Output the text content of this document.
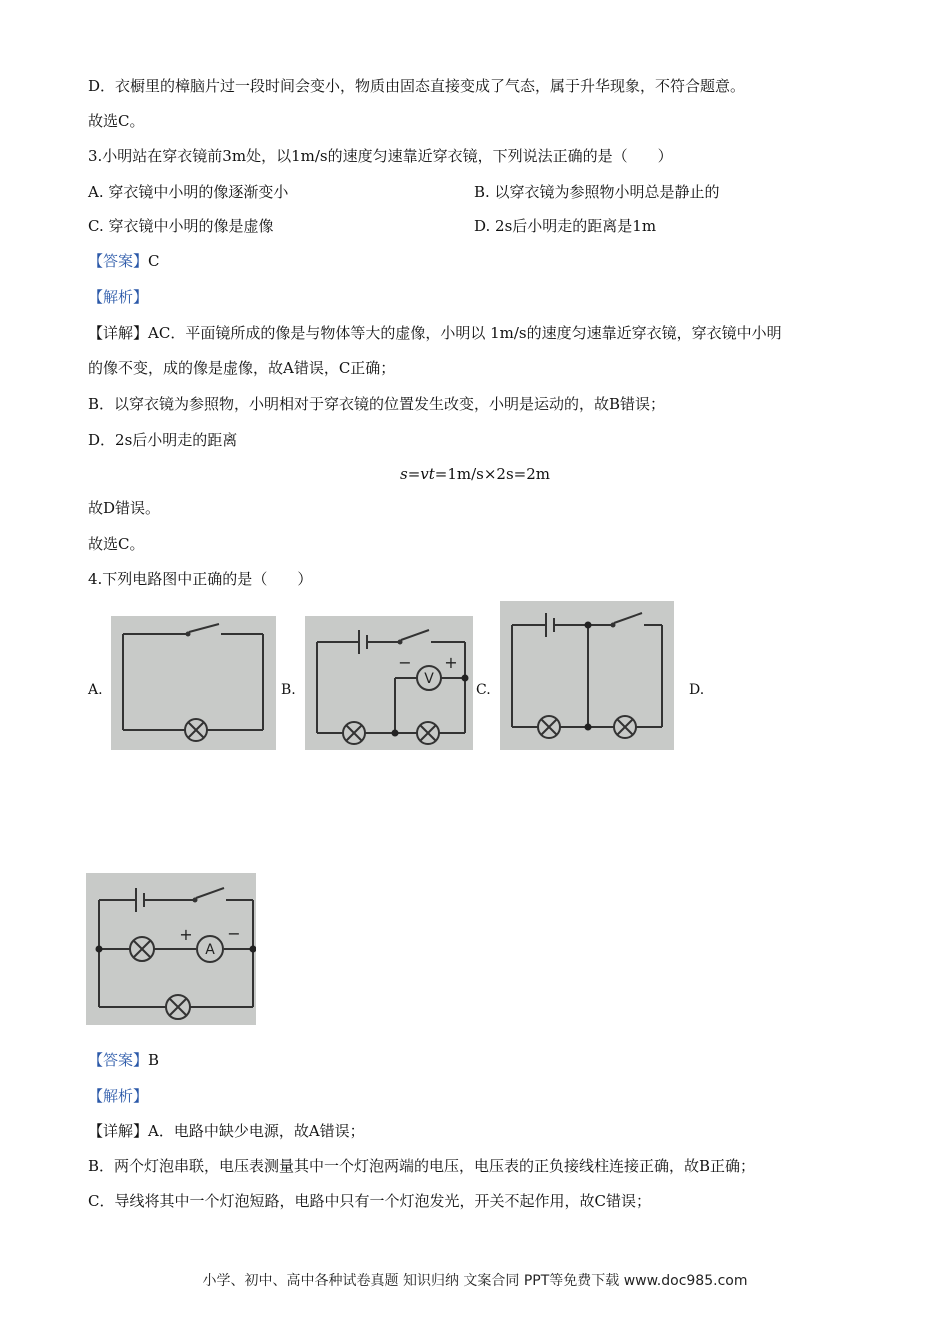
D．衣橱里的樟脑片过一段时间会变小，物质由固态直接变成了气态，属于升华现象，不符合题意。
故选C。
3.小明站在穿衣镜前3m处，以1m/s的速度匀速靠近穿衣镜，下列说法正确的是（　　）
A. 穿衣镜中小明的像逐渐变小	B. 以穿衣镜为参照物小明总是静止的
C. 穿衣镜中小明的像是虚像	D. 2s后小明走的距离是1m
【答案】C
【解析】
【详解】AC．平面镜所成的像是与物体等大的虚像，小明以 1m/s的速度匀速靠近穿衣镜，穿衣镜中小明
的像不变，成的像是虚像，故A错误，C正确；
B．以穿衣镜为参照物，小明相对于穿衣镜的位置发生改变，小明是运动的，故B错误；
D．2s后小明走的距离
s=vt=1m/s×2s=2m
故D错误。
故选C。
4.下列电路图中正确的是（　　）
A.	B.	C.	D.
V
− +
A
+ −
【答案】B
【解析】
【详解】A．电路中缺少电源，故A错误；
B．两个灯泡串联，电压表测量其中一个灯泡两端的电压，电压表的正负接线柱连接正确，故B正确；
C．导线将其中一个灯泡短路，电路中只有一个灯泡发光，开关不起作用，故C错误；
小学、初中、高中各种试卷真题 知识归纳 文案合同 PPT等免费下载 www.doc985.com
